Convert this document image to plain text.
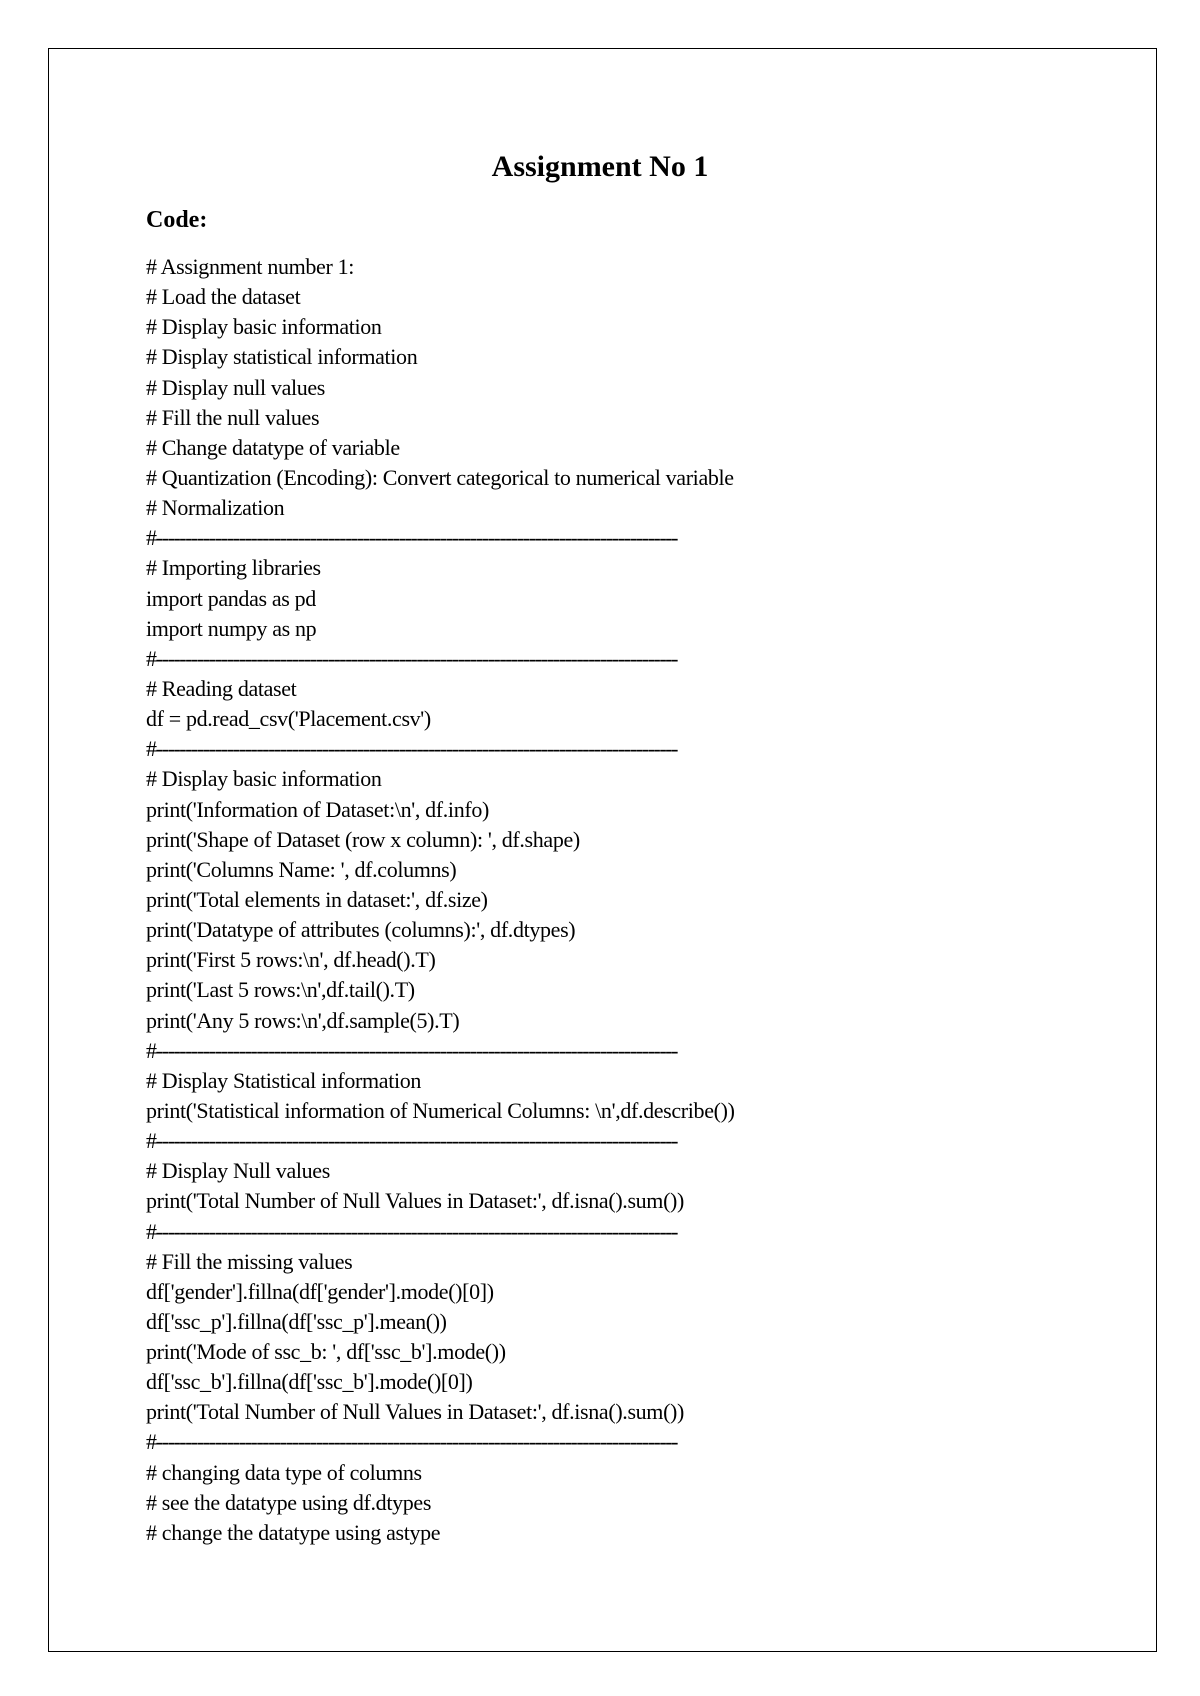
Assignment No 1
Code:
# Assignment number 1:
# Load the dataset
# Display basic information
# Display statistical information
# Display null values
# Fill the null values
# Change datatype of variable
# Quantization (Encoding): Convert categorical to numerical variable
# Normalization
#----------------------------------------------------------------------------------------
# Importing libraries
import pandas as pd
import numpy as np
#----------------------------------------------------------------------------------------
# Reading dataset
df = pd.read_csv('Placement.csv')
#----------------------------------------------------------------------------------------
# Display basic information
print('Information of Dataset:\n', df.info)
print('Shape of Dataset (row x column): ', df.shape)
print('Columns Name: ', df.columns)
print('Total elements in dataset:', df.size)
print('Datatype of attributes (columns):', df.dtypes)
print('First 5 rows:\n', df.head().T)
print('Last 5 rows:\n',df.tail().T)
print('Any 5 rows:\n',df.sample(5).T)
#----------------------------------------------------------------------------------------
# Display Statistical information
print('Statistical information of Numerical Columns: \n',df.describe())
#----------------------------------------------------------------------------------------
# Display Null values
print('Total Number of Null Values in Dataset:', df.isna().sum())
#----------------------------------------------------------------------------------------
# Fill the missing values
df['gender'].fillna(df['gender'].mode()[0])
df['ssc_p'].fillna(df['ssc_p'].mean())
print('Mode of ssc_b: ', df['ssc_b'].mode())
df['ssc_b'].fillna(df['ssc_b'].mode()[0])
print('Total Number of Null Values in Dataset:', df.isna().sum())
#----------------------------------------------------------------------------------------
# changing data type of columns
# see the datatype using df.dtypes
# change the datatype using astype
